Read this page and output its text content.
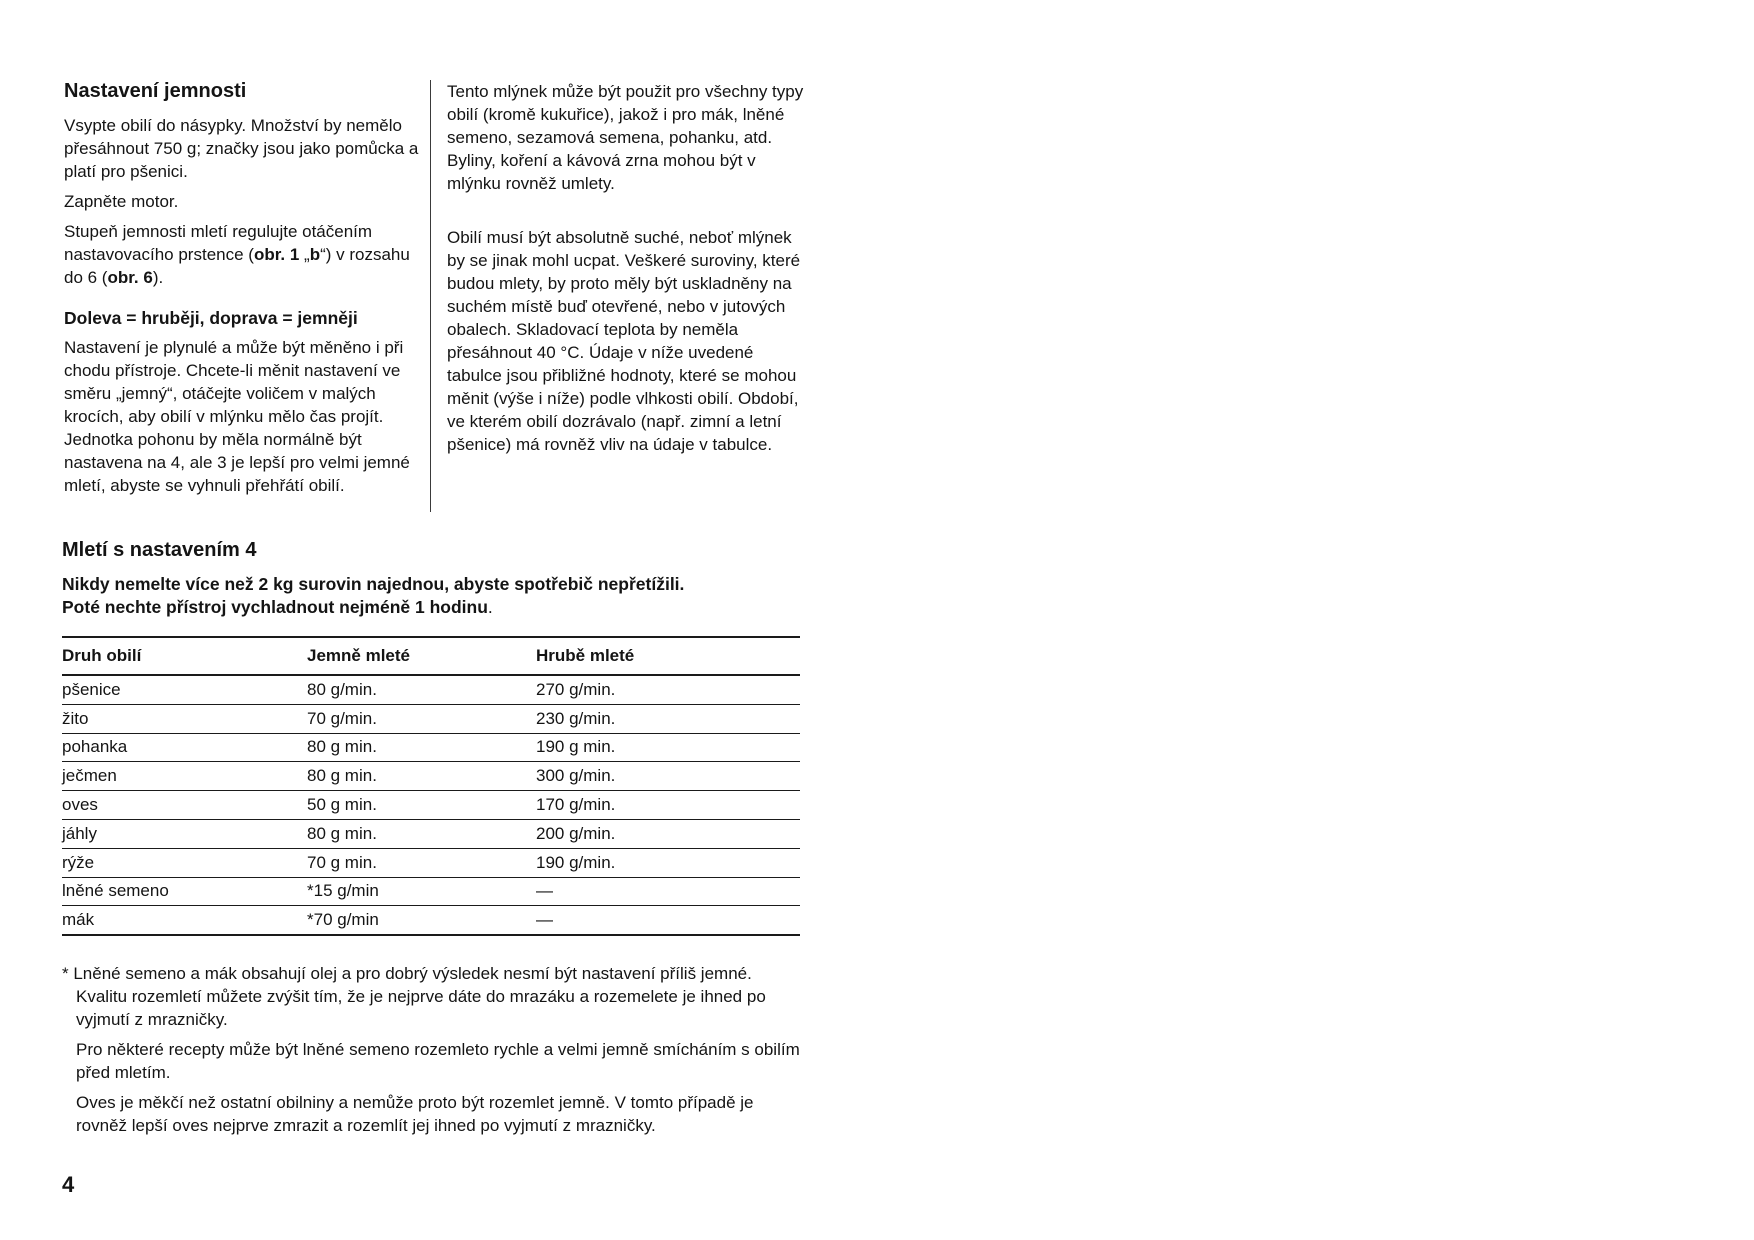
Nastavení jemnosti

Vsypte obilí do násypky. Množství by nemělo přesáhnout 750 g; značky jsou jako pomůcka a platí pro pšenici.

Zapněte motor.

Stupeň jemnosti mletí regulujte otáčením nastavovacího prstence (obr. 1 „b“) v rozsahu do 6 (obr. 6).

Doleva = hruběji, doprava = jemněji

Nastavení je plynulé a může být měněno i při chodu přístroje. Chcete-li měnit nastavení ve směru „jemný“, otáčejte voličem v malých krocích, aby obilí v mlýnku mělo čas projít. Jednotka pohonu by měla normálně být nastavena na 4, ale 3 je lepší pro velmi jemné mletí, abyste se vyhnuli přehřátí obilí.

Tento mlýnek může být použit pro všechny typy obilí (kromě kukuřice), jakož i pro mák, lněné semeno, sezamová semena, pohanku, atd. Byliny, koření a kávová zrna mohou být v mlýnku rovněž umlety.

Obilí musí být absolutně suché, neboť mlýnek by se jinak mohl ucpat. Veškeré suroviny, které budou mlety, by proto měly být uskladněny na suchém místě buď otevřené, nebo v jutových obalech. Skladovací teplota by neměla přesáhnout 40 °C. Údaje v níže uvedené tabulce jsou přibližné hodnoty, které se mohou měnit (výše i níže) podle vlhkosti obilí. Období, ve kterém obilí dozrávalo (např. zimní a letní pšenice) má rovněž vliv na údaje v tabulce.

Mletí s nastavením 4

Nikdy nemelte více než 2 kg surovin najednou, abyste spotřebič nepřetížili.

Poté nechte přístroj vychladnout nejméně 1 hodinu.

Druh obilí	Jemně mleté	Hrubě mleté
pšenice	80 g/min.	270 g/min.
žito	70 g/min.	230 g/min.
pohanka	80 g min.	190 g min.
ječmen	80 g min.	300 g/min.
oves	50 g min.	170 g/min.
jáhly	80 g min.	200 g/min.
rýže	70 g min.	190 g/min.
lněné semeno	*15 g/min	—
mák	*70 g/min	—

* Lněné semeno a mák obsahují olej a pro dobrý výsledek nesmí být nastavení příliš jemné. Kvalitu rozemletí můžete zvýšit tím, že je nejprve dáte do mrazáku a rozemelete je ihned po vyjmutí z mrazničky.

Pro některé recepty může být lněné semeno rozemleto rychle a velmi jemně smícháním s obilím před mletím.

Oves je měkčí než ostatní obilniny a nemůže proto být rozemlet jemně. V tomto případě je rovněž lepší oves nejprve zmrazit a rozemlít jej ihned po vyjmutí z mrazničky.

4
